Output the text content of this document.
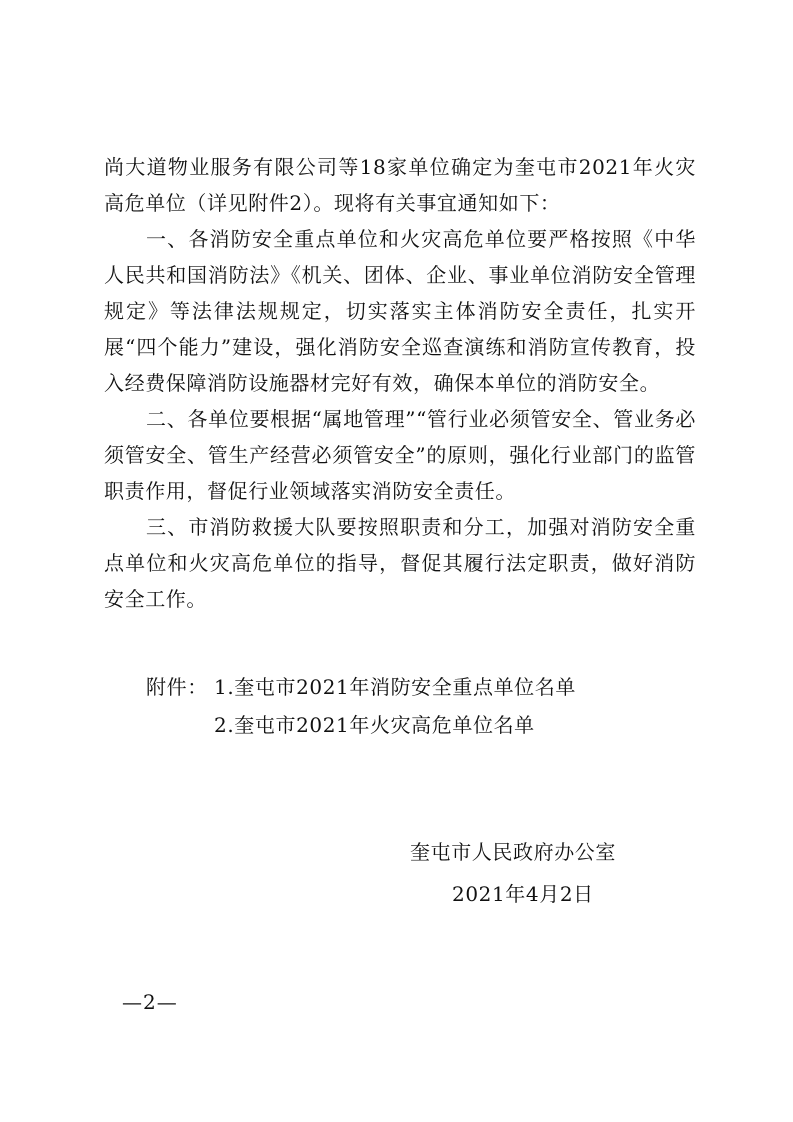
尚大道物业服务有限公司等18家单位确定为奎屯市2021年火灾高危单位（详见附件2）。现将有关事宜通知如下：

一、各消防安全重点单位和火灾高危单位要严格按照《中华人民共和国消防法》《机关、团体、企业、事业单位消防安全管理规定》等法律法规规定，切实落实主体消防安全责任，扎实开展“四个能力”建设，强化消防安全巡查演练和消防宣传教育，投入经费保障消防设施器材完好有效，确保本单位的消防安全。

二、各单位要根据“属地管理”“管行业必须管安全、管业务必须管安全、管生产经营必须管安全”的原则，强化行业部门的监管职责作用，督促行业领域落实消防安全责任。

三、市消防救援大队要按照职责和分工，加强对消防安全重点单位和火灾高危单位的指导，督促其履行法定职责，做好消防安全工作。

附件： 1.奎屯市2021年消防安全重点单位名单
2.奎屯市2021年火灾高危单位名单
奎屯市人民政府办公室
2021年4月2日
—2—
